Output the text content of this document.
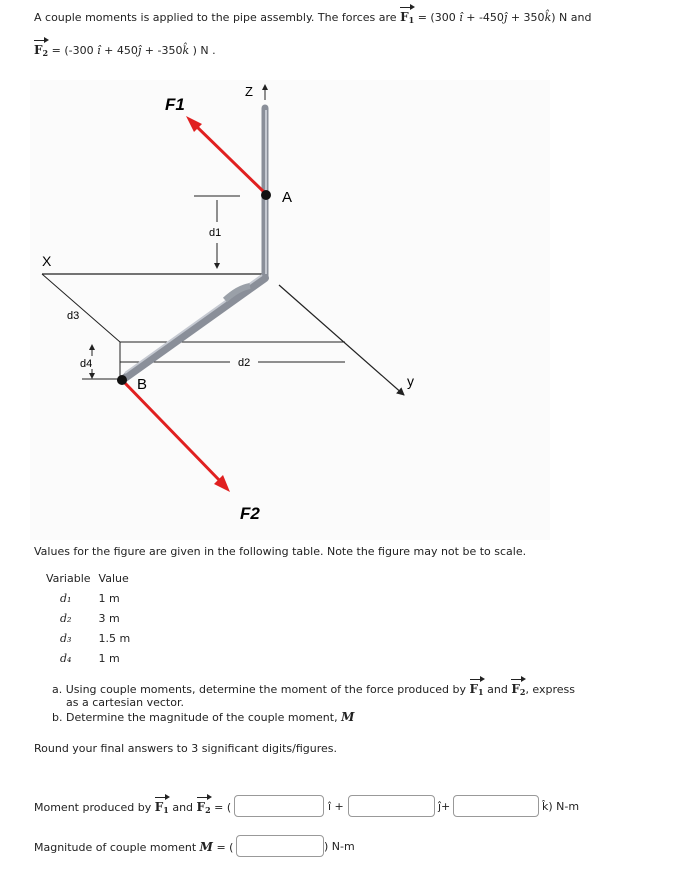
A couple moments is applied to the pipe assembly. The forces are $F_1 = (300$ î + -450ĵ + 350k̂) N and
$F_2 = (-300$ î + 450ĵ + -350k̂ ) N .
F1
F2
Z
X
y
A
B
d1
d2
d3
d4
Values for the figure are given in the following table. Note the figure may not be to scale.
Variable	Value
d₁	1 m
d₂	3 m
d₃	1.5 m
d₄	1 m
a. Using couple moments, determine the moment of the force produced by $F_1$ and $F_2$, express
as a cartesian vector.
b. Determine the magnitude of the couple moment, M
Round your final answers to 3 significant digits/figures.
Moment produced by $F_1$ and $F_2$ = (	î +	ĵ+	k̂) N-m
Magnitude of couple moment M = (	) N-m
